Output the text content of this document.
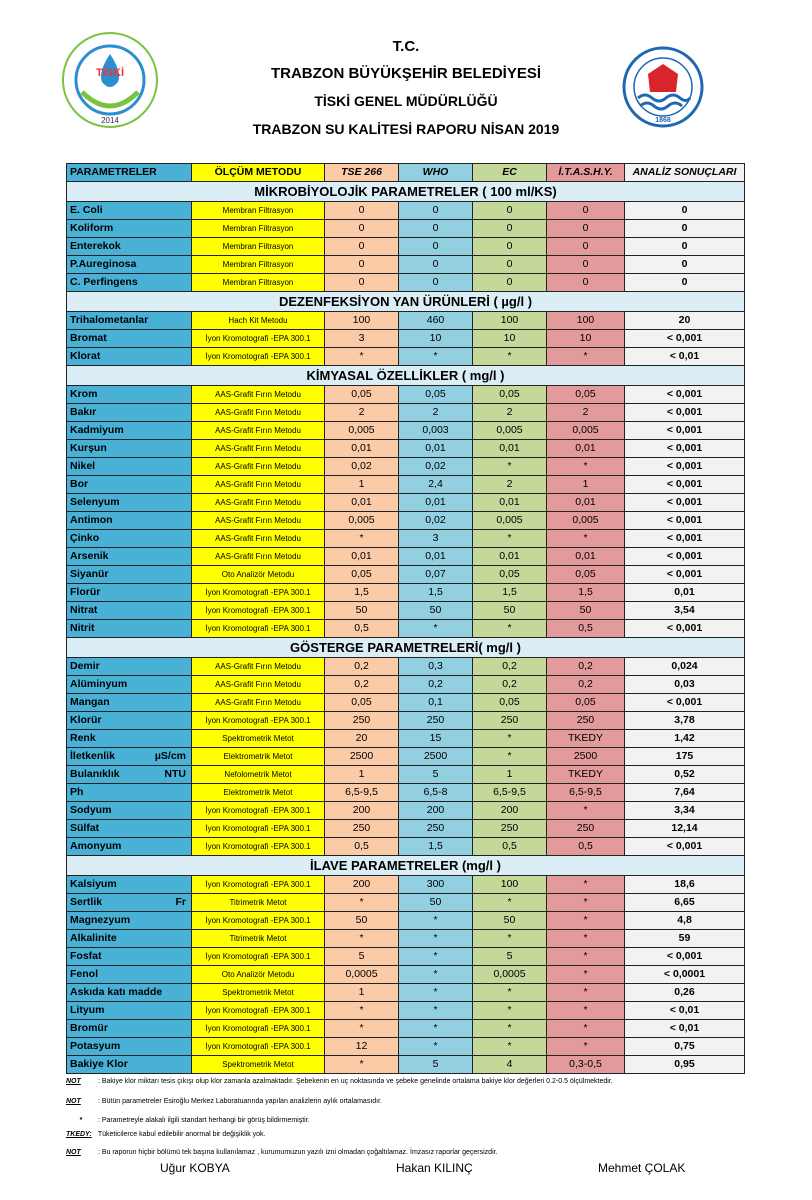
TİSKİ
2014	1868
T.C.
TRABZON BÜYÜKŞEHİR BELEDİYESİ
TİSKİ GENEL MÜDÜRLÜĞÜ
TRABZON SU KALİTESİ RAPORU NİSAN 2019
PARAMETRELER	ÖLÇÜM METODU	TSE 266	WHO	EC	İ.T.A.S.H.Y.	ANALİZ SONUÇLARI
MİKROBİYOLOJİK PARAMETRELER ( 100 ml/KS)						

E. Coli	Membran Filtrasyon	0	0	0	0	0

Koliform	Membran Filtrasyon	0	0	0	0	0

Enterekok	Membran Filtrasyon	0	0	0	0	0

P.Aureginosa	Membran Filtrasyon	0	0	0	0	0

C. Perfingens	Membran Filtrasyon	0	0	0	0	0
DEZENFEKSİYON YAN ÜRÜNLERİ ( µg/l )						

Trihalometanlar	Hach Kit Metodu	100	460	100	100	20

Bromat	İyon Kromotografi -EPA 300.1	3	10	10	10	< 0,001

Klorat	İyon Kromotografi -EPA 300.1	*	*	*	*	< 0,01
KİMYASAL ÖZELLİKLER ( mg/l )						

Krom	AAS-Grafit Fırın Metodu	0,05	0,05	0,05	0,05	< 0,001

Bakır	AAS-Grafit Fırın Metodu	2	2	2	2	< 0,001

Kadmiyum	AAS-Grafit Fırın Metodu	0,005	0,003	0,005	0,005	< 0,001

Kurşun	AAS-Grafit Fırın Metodu	0,01	0,01	0,01	0,01	< 0,001

Nikel	AAS-Grafit Fırın Metodu	0,02	0,02	*	*	< 0,001

Bor	AAS-Grafit Fırın Metodu	1	2,4	2	1	< 0,001

Selenyum	AAS-Grafit Fırın Metodu	0,01	0,01	0,01	0,01	< 0,001

Antimon	AAS-Grafit Fırın Metodu	0,005	0,02	0,005	0,005	< 0,001

Çinko	AAS-Grafit Fırın Metodu	*	3	*	*	< 0,001

Arsenik	AAS-Grafit Fırın Metodu	0,01	0,01	0,01	0,01	< 0,001

Siyanür	Oto Analizör Metodu	0,05	0,07	0,05	0,05	< 0,001

Florür	İyon Kromotografi -EPA 300.1	1,5	1,5	1,5	1,5	0,01

Nitrat	İyon Kromotografi -EPA 300.1	50	50	50	50	3,54

Nitrit	İyon Kromotografi -EPA 300.1	0,5	*	*	0,5	< 0,001
GÖSTERGE PARAMETRELERİ( mg/l )						

Demir	AAS-Grafit Fırın Metodu	0,2	0,3	0,2	0,2	0,024

Alüminyum	AAS-Grafit Fırın Metodu	0,2	0,2	0,2	0,2	0,03

Mangan	AAS-Grafit Fırın Metodu	0,05	0,1	0,05	0,05	< 0,001

Klorür	İyon Kromotografi -EPA 300.1	250	250	250	250	3,78

Renk	Spektrometrik Metot	20	15	*	TKEDY	1,42

İletkenlik µS/cm	Elektrometrik Metot	2500	2500	*	2500	175

Bulanıklık NTU	Nefolometrik Metot	1	5	1	TKEDY	0,52

Ph	Elektrometrik Metot	6,5-9,5	6,5-8	6,5-9,5	6,5-9,5	7,64

Sodyum	İyon Kromotografi -EPA 300.1	200	200	200	*	3,34

Sülfat	İyon Kromotografi -EPA 300.1	250	250	250	250	12,14

Amonyum	İyon Kromotografi -EPA 300.1	0,5	1,5	0,5	0,5	< 0,001
İLAVE PARAMETRELER (mg/l )						

Kalsiyum	İyon Kromotografi -EPA 300.1	200	300	100	*	18,6

Sertlik Fr	Titrimetrik Metot	*	50	*	*	6,65

Magnezyum	İyon Kromotografi -EPA 300.1	50	*	50	*	4,8

Alkalinite	Titrimetrik Metot	*	*	*	*	59

Fosfat	İyon Kromotografi -EPA 300.1	5	*	5	*	< 0,001

Fenol	Oto Analizör Metodu	0,0005	*	0,0005	*	< 0,0001

Askıda katı madde	Spektrometrik Metot	1	*	*	*	0,26

Lityum	İyon Kromotografi -EPA 300.1	*	*	*	*	< 0,01

Bromür	İyon Kromotografi -EPA 300.1	*	*	*	*	< 0,01

Potasyum	İyon Kromotografi -EPA 300.1	12	*	*	*	0,75

Bakiye Klor	Spektrometrik Metot	*	5	4	0,3-0,5	0,95
NOT : Bakiye klor miktarı tesis çıkışı olup klor zamanla azalmaktadır. Şebekenin en uç noktasında ve şebeke genelinde ortalama bakiye klor değerleri 0.2-0.5 ölçülmektedir.
NOT : Bütün parametreler Esiroğlu Merkez Laboratuarında yapılan analizlerin aylık ortalamasıdır.
* : Parametreyle alakalı ilgili standart herhangi bir görüş bildirmemiştir.
TKEDY: Tüketicilercе kabul edilebilir anormal bir değişiklik yok.
NOT : Bu raporun hiçbir bölümü tek başına kullanılamaz , kurumumuzun yazılı izni olmadan çoğaltılamaz. İmzasız raporlar geçersizdir.
Uğur KOBYA	Hakan KILINÇ	Mehmet ÇOLAK
